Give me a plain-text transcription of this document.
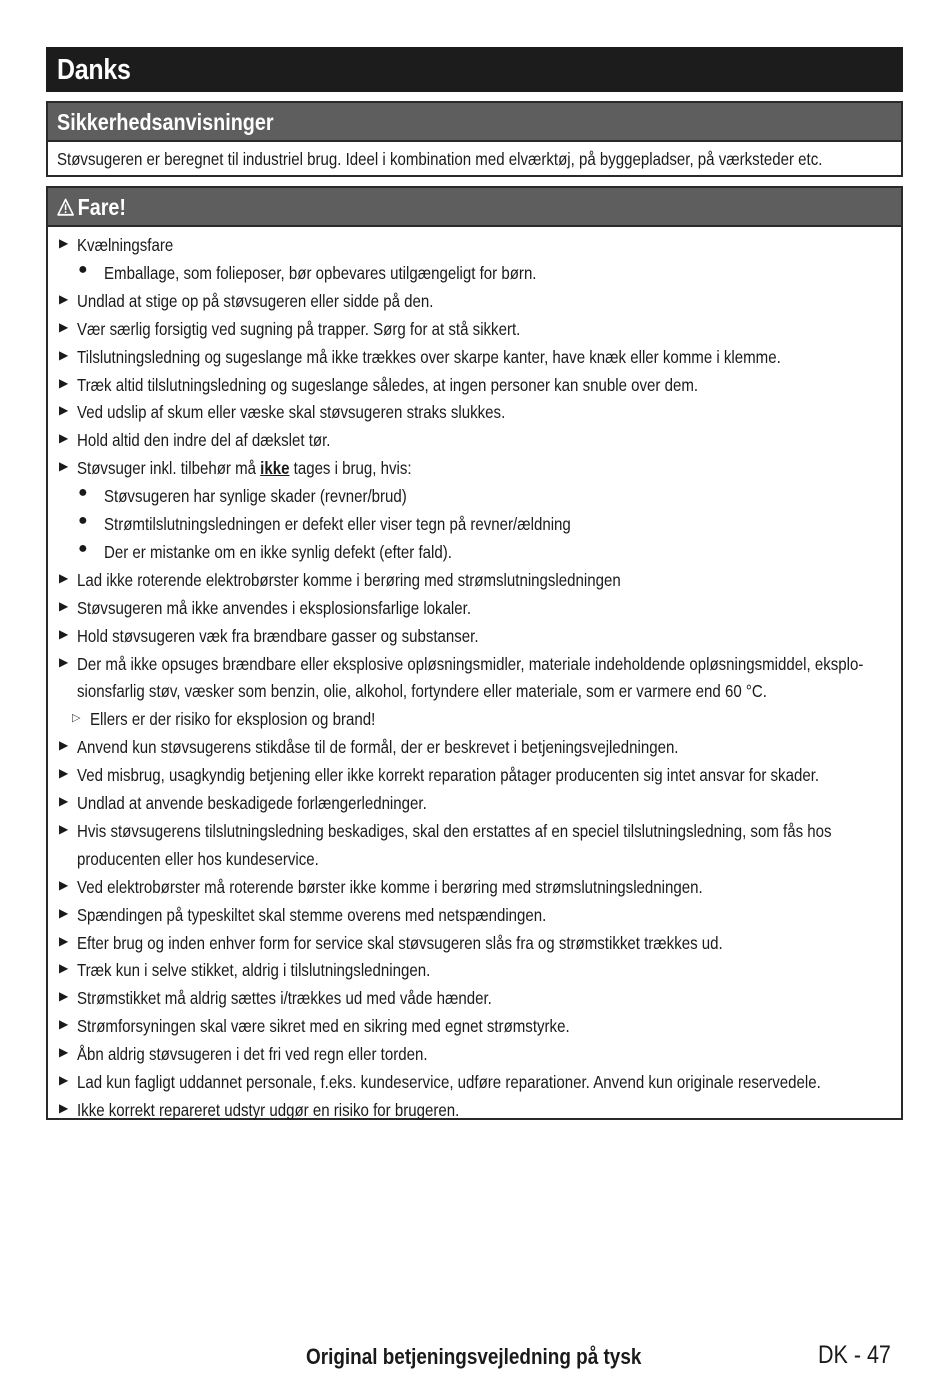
Danks
Sikkerhedsanvisninger
Støvsugeren er beregnet til industriel brug. Ideel i kombination med elværktøj, på byggepladser, på værksteder etc.
Fare!
▶ Kvælningsfare
● Emballage, som folieposer, bør opbevares utilgængeligt for børn.
▶ Undlad at stige op på støvsugeren eller sidde på den.
▶ Vær særlig forsigtig ved sugning på trapper. Sørg for at stå sikkert.
▶ Tilslutningsledning og sugeslange må ikke trækkes over skarpe kanter, have knæk eller komme i klemme.
▶ Træk altid tilslutningsledning og sugeslange således, at ingen personer kan snuble over dem.
▶ Ved udslip af skum eller væske skal støvsugeren straks slukkes.
▶ Hold altid den indre del af dækslet tør.
▶ Støvsuger inkl. tilbehør må ikke tages i brug, hvis:
● Støvsugeren har synlige skader (revner/brud)
● Strømtilslutningsledningen er defekt eller viser tegn på revner/ældning
● Der er mistanke om en ikke synlig defekt (efter fald).
▶ Lad ikke roterende elektrobørster komme i berøring med strømslutningsledningen
▶ Støvsugeren må ikke anvendes i eksplosionsfarlige lokaler.
▶ Hold støvsugeren væk fra brændbare gasser og substanser.
▶ Der må ikke opsuges brændbare eller eksplosive opløsningsmidler, materiale indeholdende opløsningsmiddel, eksplo-
sionsfarlig støv, væsker som benzin, olie, alkohol, fortyndere eller materiale, som er varmere end 60 °C.
▷ Ellers er der risiko for eksplosion og brand!
▶ Anvend kun støvsugerens stikdåse til de formål, der er beskrevet i betjeningsvejledningen.
▶ Ved misbrug, usagkyndig betjening eller ikke korrekt reparation påtager producenten sig intet ansvar for skader.
▶ Undlad at anvende beskadigede forlængerledninger.
▶ Hvis støvsugerens tilslutningsledning beskadiges, skal den erstattes af en speciel tilslutningsledning, som fås hos
producenten eller hos kundeservice.
▶ Ved elektrobørster må roterende børster ikke komme i berøring med strømslutningsledningen.
▶ Spændingen på typeskiltet skal stemme overens med netspændingen.
▶ Efter brug og inden enhver form for service skal støvsugeren slås fra og strømstikket trækkes ud.
▶ Træk kun i selve stikket, aldrig i tilslutningsledningen.
▶ Strømstikket må aldrig sættes i/trækkes ud med våde hænder.
▶ Strømforsyningen skal være sikret med en sikring med egnet strømstyrke.
▶ Åbn aldrig støvsugeren i det fri ved regn eller torden.
▶ Lad kun fagligt uddannet personale, f.eks. kundeservice, udføre reparationer. Anvend kun originale reservedele.
▶ Ikke korrekt repareret udstyr udgør en risiko for brugeren.
Original betjeningsvejledning på tysk	DK - 47
